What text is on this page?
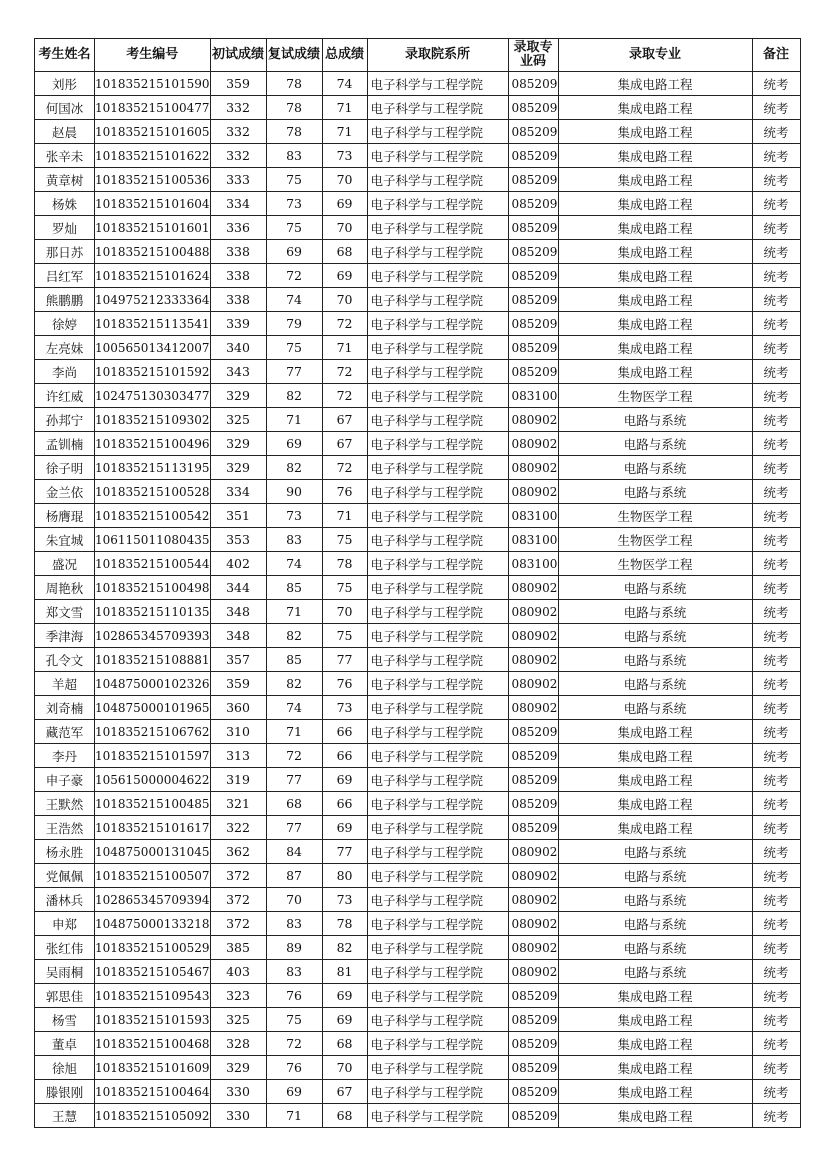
考生姓名	考生编号	初试成绩	复试成绩	总成绩	录取院系所	录取专业码	录取专业	备注
刘彤	101835215101590	359	78	74	电子科学与工程学院	085209	集成电路工程	统考
何国冰	101835215100477	332	78	71	电子科学与工程学院	085209	集成电路工程	统考
赵晨	101835215101605	332	78	71	电子科学与工程学院	085209	集成电路工程	统考
张辛未	101835215101622	332	83	73	电子科学与工程学院	085209	集成电路工程	统考
黄章树	101835215100536	333	75	70	电子科学与工程学院	085209	集成电路工程	统考
杨姝	101835215101604	334	73	69	电子科学与工程学院	085209	集成电路工程	统考
罗灿	101835215101601	336	75	70	电子科学与工程学院	085209	集成电路工程	统考
那日苏	101835215100488	338	69	68	电子科学与工程学院	085209	集成电路工程	统考
吕红军	101835215101624	338	72	69	电子科学与工程学院	085209	集成电路工程	统考
熊鹏鹏	104975212333364	338	74	70	电子科学与工程学院	085209	集成电路工程	统考
徐婷	101835215113541	339	79	72	电子科学与工程学院	085209	集成电路工程	统考
左亮妹	100565013412007	340	75	71	电子科学与工程学院	085209	集成电路工程	统考
李尚	101835215101592	343	77	72	电子科学与工程学院	085209	集成电路工程	统考
许红威	102475130303477	329	82	72	电子科学与工程学院	083100	生物医学工程	统考
孙邦宁	101835215109302	325	71	67	电子科学与工程学院	080902	电路与系统	统考
孟钏楠	101835215100496	329	69	67	电子科学与工程学院	080902	电路与系统	统考
徐子明	101835215113195	329	82	72	电子科学与工程学院	080902	电路与系统	统考
金兰依	101835215100528	334	90	76	电子科学与工程学院	080902	电路与系统	统考
杨膺琨	101835215100542	351	73	71	电子科学与工程学院	083100	生物医学工程	统考
朱宜城	106115011080435	353	83	75	电子科学与工程学院	083100	生物医学工程	统考
盛况	101835215100544	402	74	78	电子科学与工程学院	083100	生物医学工程	统考
周艳秋	101835215100498	344	85	75	电子科学与工程学院	080902	电路与系统	统考
郑文雪	101835215110135	348	71	70	电子科学与工程学院	080902	电路与系统	统考
季津海	102865345709393	348	82	75	电子科学与工程学院	080902	电路与系统	统考
孔令文	101835215108881	357	85	77	电子科学与工程学院	080902	电路与系统	统考
羊超	104875000102326	359	82	76	电子科学与工程学院	080902	电路与系统	统考
刘奇楠	104875000101965	360	74	73	电子科学与工程学院	080902	电路与系统	统考
藏范军	101835215106762	310	71	66	电子科学与工程学院	085209	集成电路工程	统考
李丹	101835215101597	313	72	66	电子科学与工程学院	085209	集成电路工程	统考
申子豪	105615000004622	319	77	69	电子科学与工程学院	085209	集成电路工程	统考
王默然	101835215100485	321	68	66	电子科学与工程学院	085209	集成电路工程	统考
王浩然	101835215101617	322	77	69	电子科学与工程学院	085209	集成电路工程	统考
杨永胜	104875000131045	362	84	77	电子科学与工程学院	080902	电路与系统	统考
党佩佩	101835215100507	372	87	80	电子科学与工程学院	080902	电路与系统	统考
潘林兵	102865345709394	372	70	73	电子科学与工程学院	080902	电路与系统	统考
申郑	104875000133218	372	83	78	电子科学与工程学院	080902	电路与系统	统考
张红伟	101835215100529	385	89	82	电子科学与工程学院	080902	电路与系统	统考
吴雨桐	101835215105467	403	83	81	电子科学与工程学院	080902	电路与系统	统考
郭思佳	101835215109543	323	76	69	电子科学与工程学院	085209	集成电路工程	统考
杨雪	101835215101593	325	75	69	电子科学与工程学院	085209	集成电路工程	统考
董卓	101835215100468	328	72	68	电子科学与工程学院	085209	集成电路工程	统考
徐旭	101835215101609	329	76	70	电子科学与工程学院	085209	集成电路工程	统考
滕银刚	101835215100464	330	69	67	电子科学与工程学院	085209	集成电路工程	统考
王慧	101835215105092	330	71	68	电子科学与工程学院	085209	集成电路工程	统考
